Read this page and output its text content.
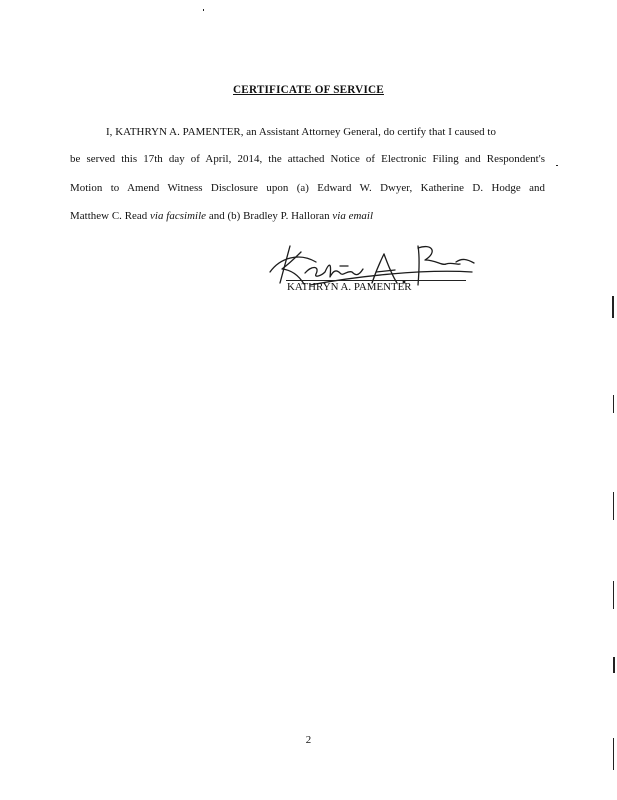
CERTIFICATE OF SERVICE
I, KATHRYN A. PAMENTER, an Assistant Attorney General, do certify that I caused to
be served this 17th day of April, 2014, the attached Notice of Electronic Filing and Respondent's
Motion to Amend Witness Disclosure upon (a) Edward W. Dwyer, Katherine D. Hodge and
Matthew C. Read via facsimile and (b) Bradley P. Halloran via email
KATHRYN A. PAMENTER
2
